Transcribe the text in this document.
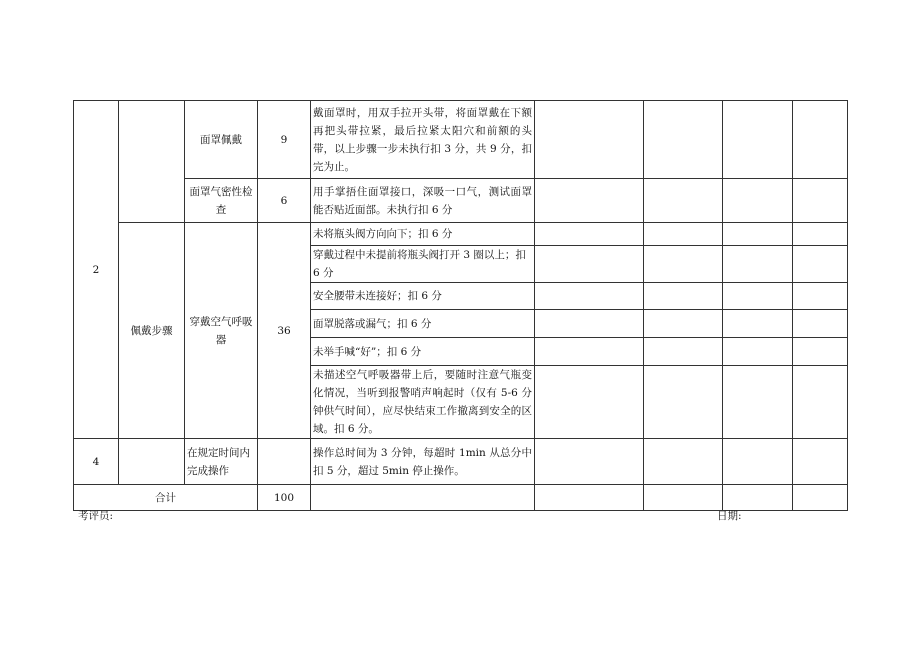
2		面罩佩戴	9	戴面罩时，用双手拉开头带，将面罩戴在下额再把头带拉紧，最后拉紧太阳穴和前额的头带，以上步骤一步未执行扣 3 分，共 9 分，扣完为止。				
		面罩气密性检查	6	用手掌捂住面罩接口，深吸一口气，测试面罩能否贴近面部。未执行扣 6 分				
	佩戴步骤	穿戴空气呼吸器	36	未将瓶头阀方向向下；扣 6 分				
				穿戴过程中未提前将瓶头阀打开 3 圈以上；扣 6 分				
				安全腰带未连接好；扣 6 分				
				面罩脱落或漏气；扣 6 分				
				未举手喊“好”；扣 6 分				
				未描述空气呼吸器带上后，要随时注意气瓶变化情况，当听到报警哨声响起时（仅有 5-6 分钟供气时间），应尽快结束工作撤离到安全的区域。扣 6 分。				
4		在规定时间内完成操作		操作总时间为 3 分钟，每超时 1min 从总分中扣 5 分，超过 5min 停止操作。				
合计			100					
考评员:	日期:
